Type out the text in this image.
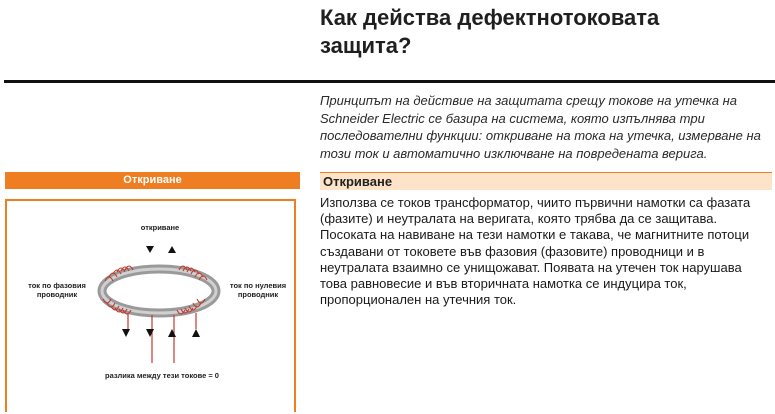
Как действа дефектнотоковата
защита?

Принципът на действие на защитата срещу токове на утечка на
Schneider Electric се базира на система, която изпълнява три
последователни функции: откриване на тока на утечка, измерване на
този ток и автоматично изключване на повредената верига.

Откриване
откриване
ток по фазовия
проводник
ток по нулевия
проводник
разлика между тези токове = 0
Откриване

Използва се токов трансформатор, чиито първични намотки са фазата
(фазите) и неутралата на веригата, която трябва да се защитава.
Посоката на навиване на тези намотки е такава, че магнитните потоци
създавани от токовете във фазовия (фазовите) проводници и в
неутралата взаимно се унищожават. Появата на утечен ток нарушава
това равновесие и във вторичната намотка се индуцира ток,
пропорционален на утечния ток.
